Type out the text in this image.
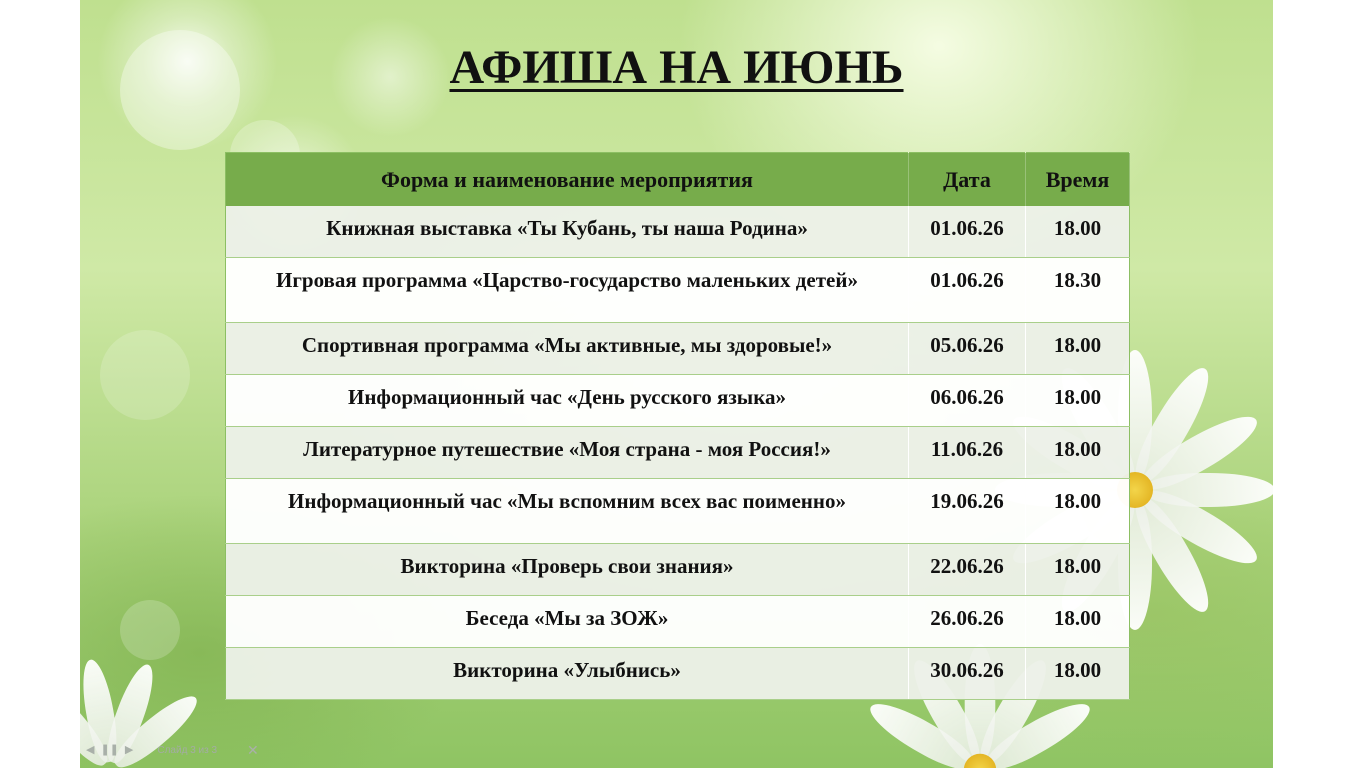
АФИША НА ИЮНЬ
Форма и наименование мероприятия	Дата	Время
Книжная выставка «Ты Кубань, ты наша Родина»	01.06.26	18.00
Игровая программа «Царство-государство маленьких детей»	01.06.26	18.30
Спортивная программа «Мы активные, мы здоровые!»	05.06.26	18.00
Информационный час «День русского языка»	06.06.26	18.00
Литературное путешествие «Моя страна - моя Россия!»	11.06.26	18.00
Информационный час «Мы вспомним всех вас поименно»	19.06.26	18.00
Викторина «Проверь свои знания»	22.06.26	18.00
Беседа «Мы за ЗОЖ»	26.06.26	18.00
Викторина «Улыбнись»	30.06.26	18.00
◀ ❚❚ ▶ Слайд 3 из 3 ✕
